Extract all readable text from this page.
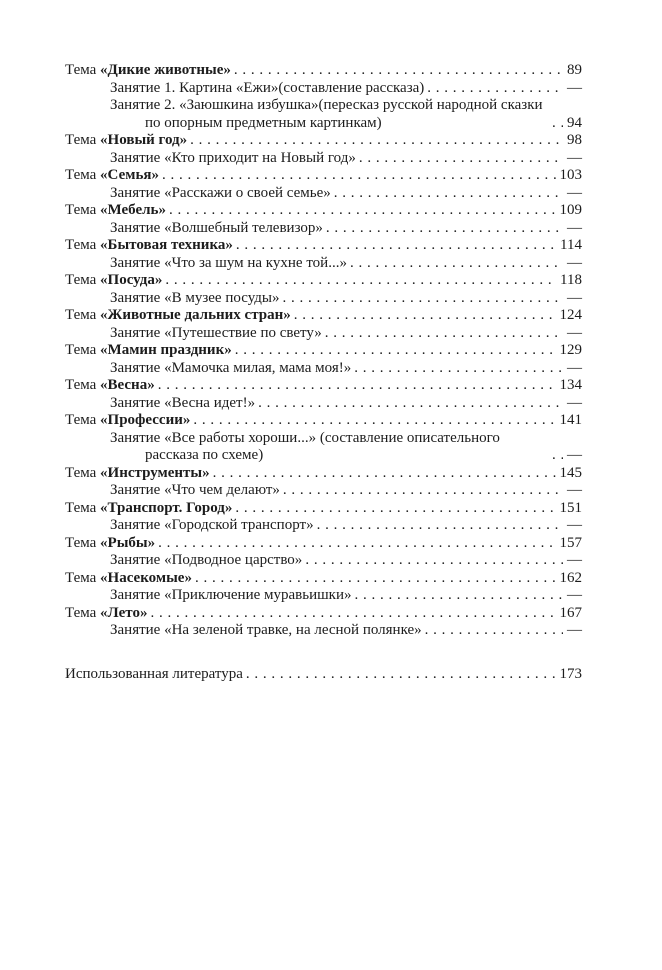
Тема «Дикие животные» . . .	89
Занятие 1. Картина «Ежи»(составление рассказа) . . .	—
Занятие 2. «Заюшкина избушка»(пересказ русской народной сказки по опорным предметным картинкам) . . .	94
Тема «Новый год» . . .	98
Занятие «Кто приходит на Новый год» . . .	—
Тема «Семья» . . .	103
Занятие «Расскажи о своей семье» . . .	—
Тема «Мебель» . . .	109
Занятие «Волшебный телевизор» . . .	—
Тема «Бытовая техника» . . .	114
Занятие «Что за шум на кухне той...» . . .	—
Тема «Посуда» . . .	118
Занятие «В музее посуды» . . .	—
Тема «Животные дальних стран» . . .	124
Занятие «Путешествие по свету» . . .	—
Тема «Мамин праздник» . . .	129
Занятие «Мамочка милая, мама моя!» . . .	—
Тема «Весна» . . .	134
Занятие «Весна идет!» . . .	—
Тема «Профессии» . . .	141
Занятие «Все работы хороши...» (составление описательного рассказа по схеме) . . .	—
Тема «Инструменты» . . .	145
Занятие «Что чем делают» . . .	—
Тема «Транспорт. Город» . . .	151
Занятие «Городской транспорт» . . .	—
Тема «Рыбы» . . .	157
Занятие «Подводное царство» . . .	—
Тема «Насекомые» . . .	162
Занятие «Приключение муравьишки» . . .	—
Тема «Лето» . . .	167
Занятие «На зеленой травке, на лесной полянке» . . .	—
Использованная литература . . .	173
